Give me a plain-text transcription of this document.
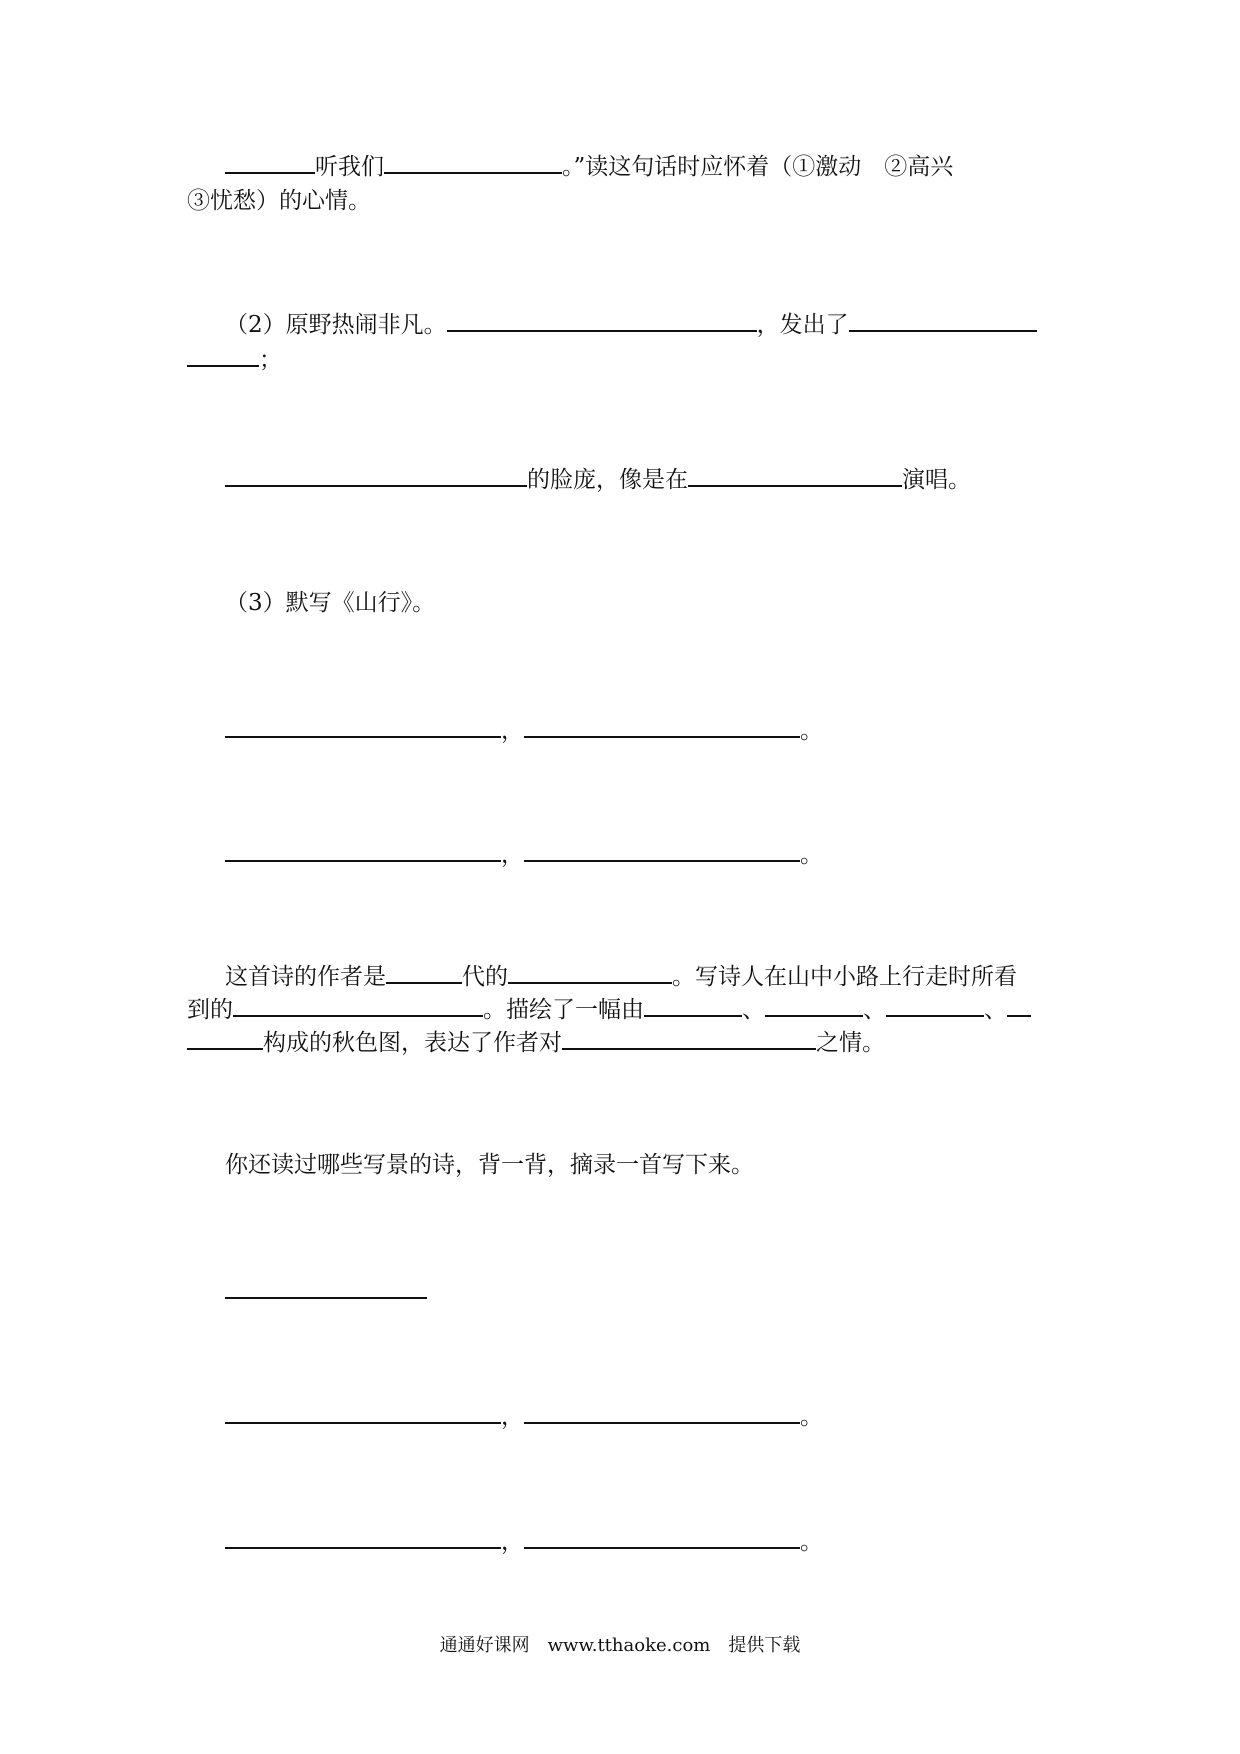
听我们	。”读这句话时应怀着（①激动　②高兴
③忧愁）的心情。
（2）原野热闹非凡。	，发出了
；
的脸庞，像是在	演唱。
（3）默写《山行》。
，	。
，	。
这首诗的作者是	代的	。写诗人在山中小路上行走时所看
到的	。描绘了一幅由	、	、	、
构成的秋色图，表达了作者对	之情。
你还读过哪些写景的诗，背一背，摘录一首写下来。
，	。
，	。
通通好课网　www.tthaoke.com　提供下载
